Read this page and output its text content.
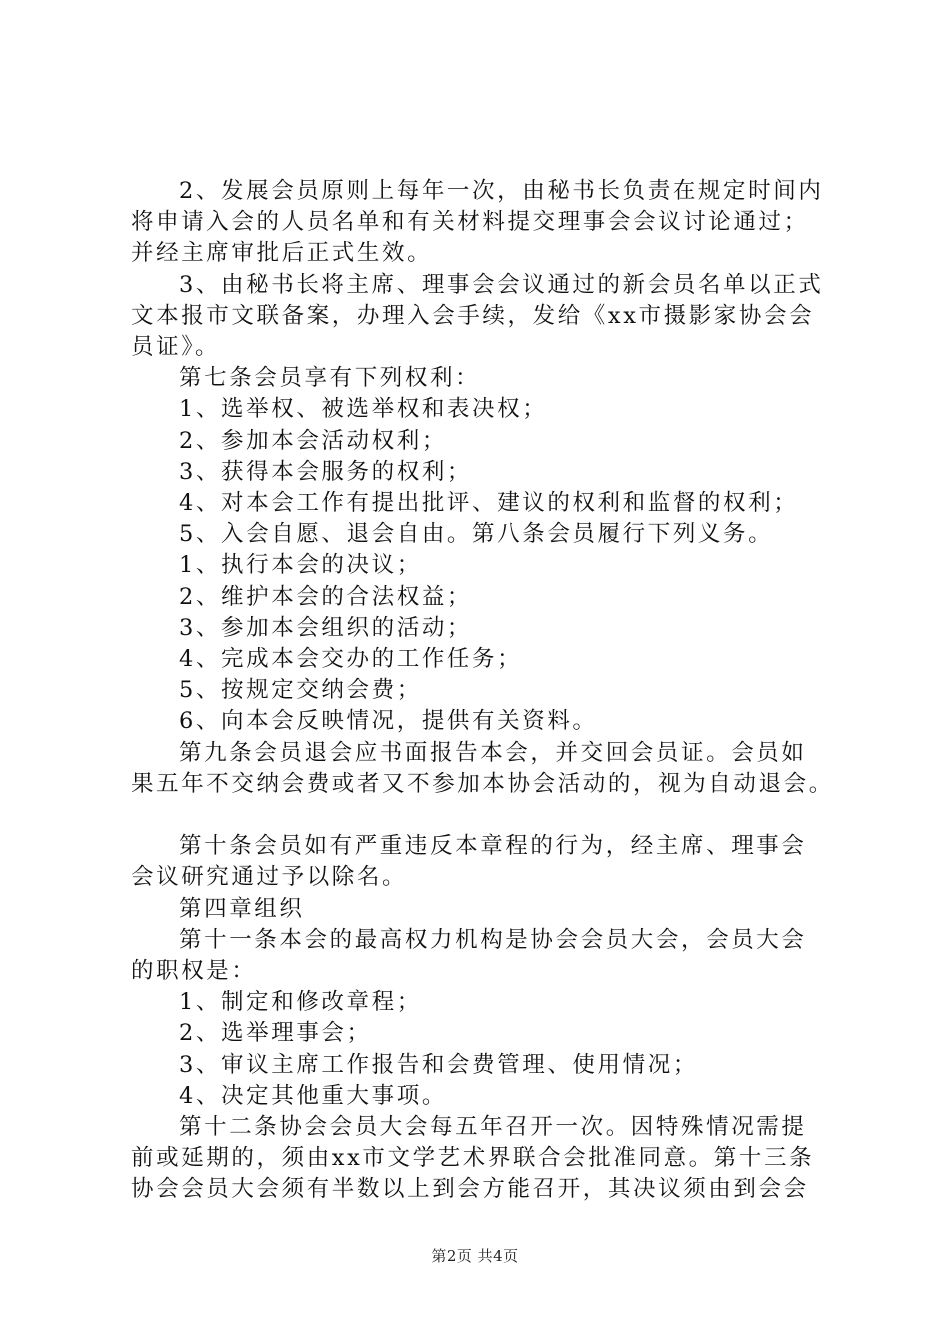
2、发展会员原则上每年一次，由秘书长负责在规定时间内

将申请入会的人员名单和有关材料提交理事会会议讨论通过；

并经主席审批后正式生效。

3、由秘书长将主席、理事会会议通过的新会员名单以正式

文本报市文联备案，办理入会手续，发给《xx市摄影家协会会

员证》。

第七条会员享有下列权利：

1、选举权、被选举权和表决权；

2、参加本会活动权利；

3、获得本会服务的权利；

4、对本会工作有提出批评、建议的权利和监督的权利；

5、入会自愿、退会自由。第八条会员履行下列义务。

1、执行本会的决议；

2、维护本会的合法权益；

3、参加本会组织的活动；

4、完成本会交办的工作任务；

5、按规定交纳会费；

6、向本会反映情况，提供有关资料。

第九条会员退会应书面报告本会，并交回会员证。会员如

果五年不交纳会费或者又不参加本协会活动的，视为自动退会。

第十条会员如有严重违反本章程的行为，经主席、理事会

会议研究通过予以除名。

第四章组织

第十一条本会的最高权力机构是协会会员大会，会员大会

的职权是：

1、制定和修改章程；

2、选举理事会；

3、审议主席工作报告和会费管理、使用情况；

4、决定其他重大事项。

第十二条协会会员大会每五年召开一次。因特殊情况需提

前或延期的，须由xx市文学艺术界联合会批准同意。第十三条

协会会员大会须有半数以上到会方能召开，其决议须由到会会

第2页 共4页
